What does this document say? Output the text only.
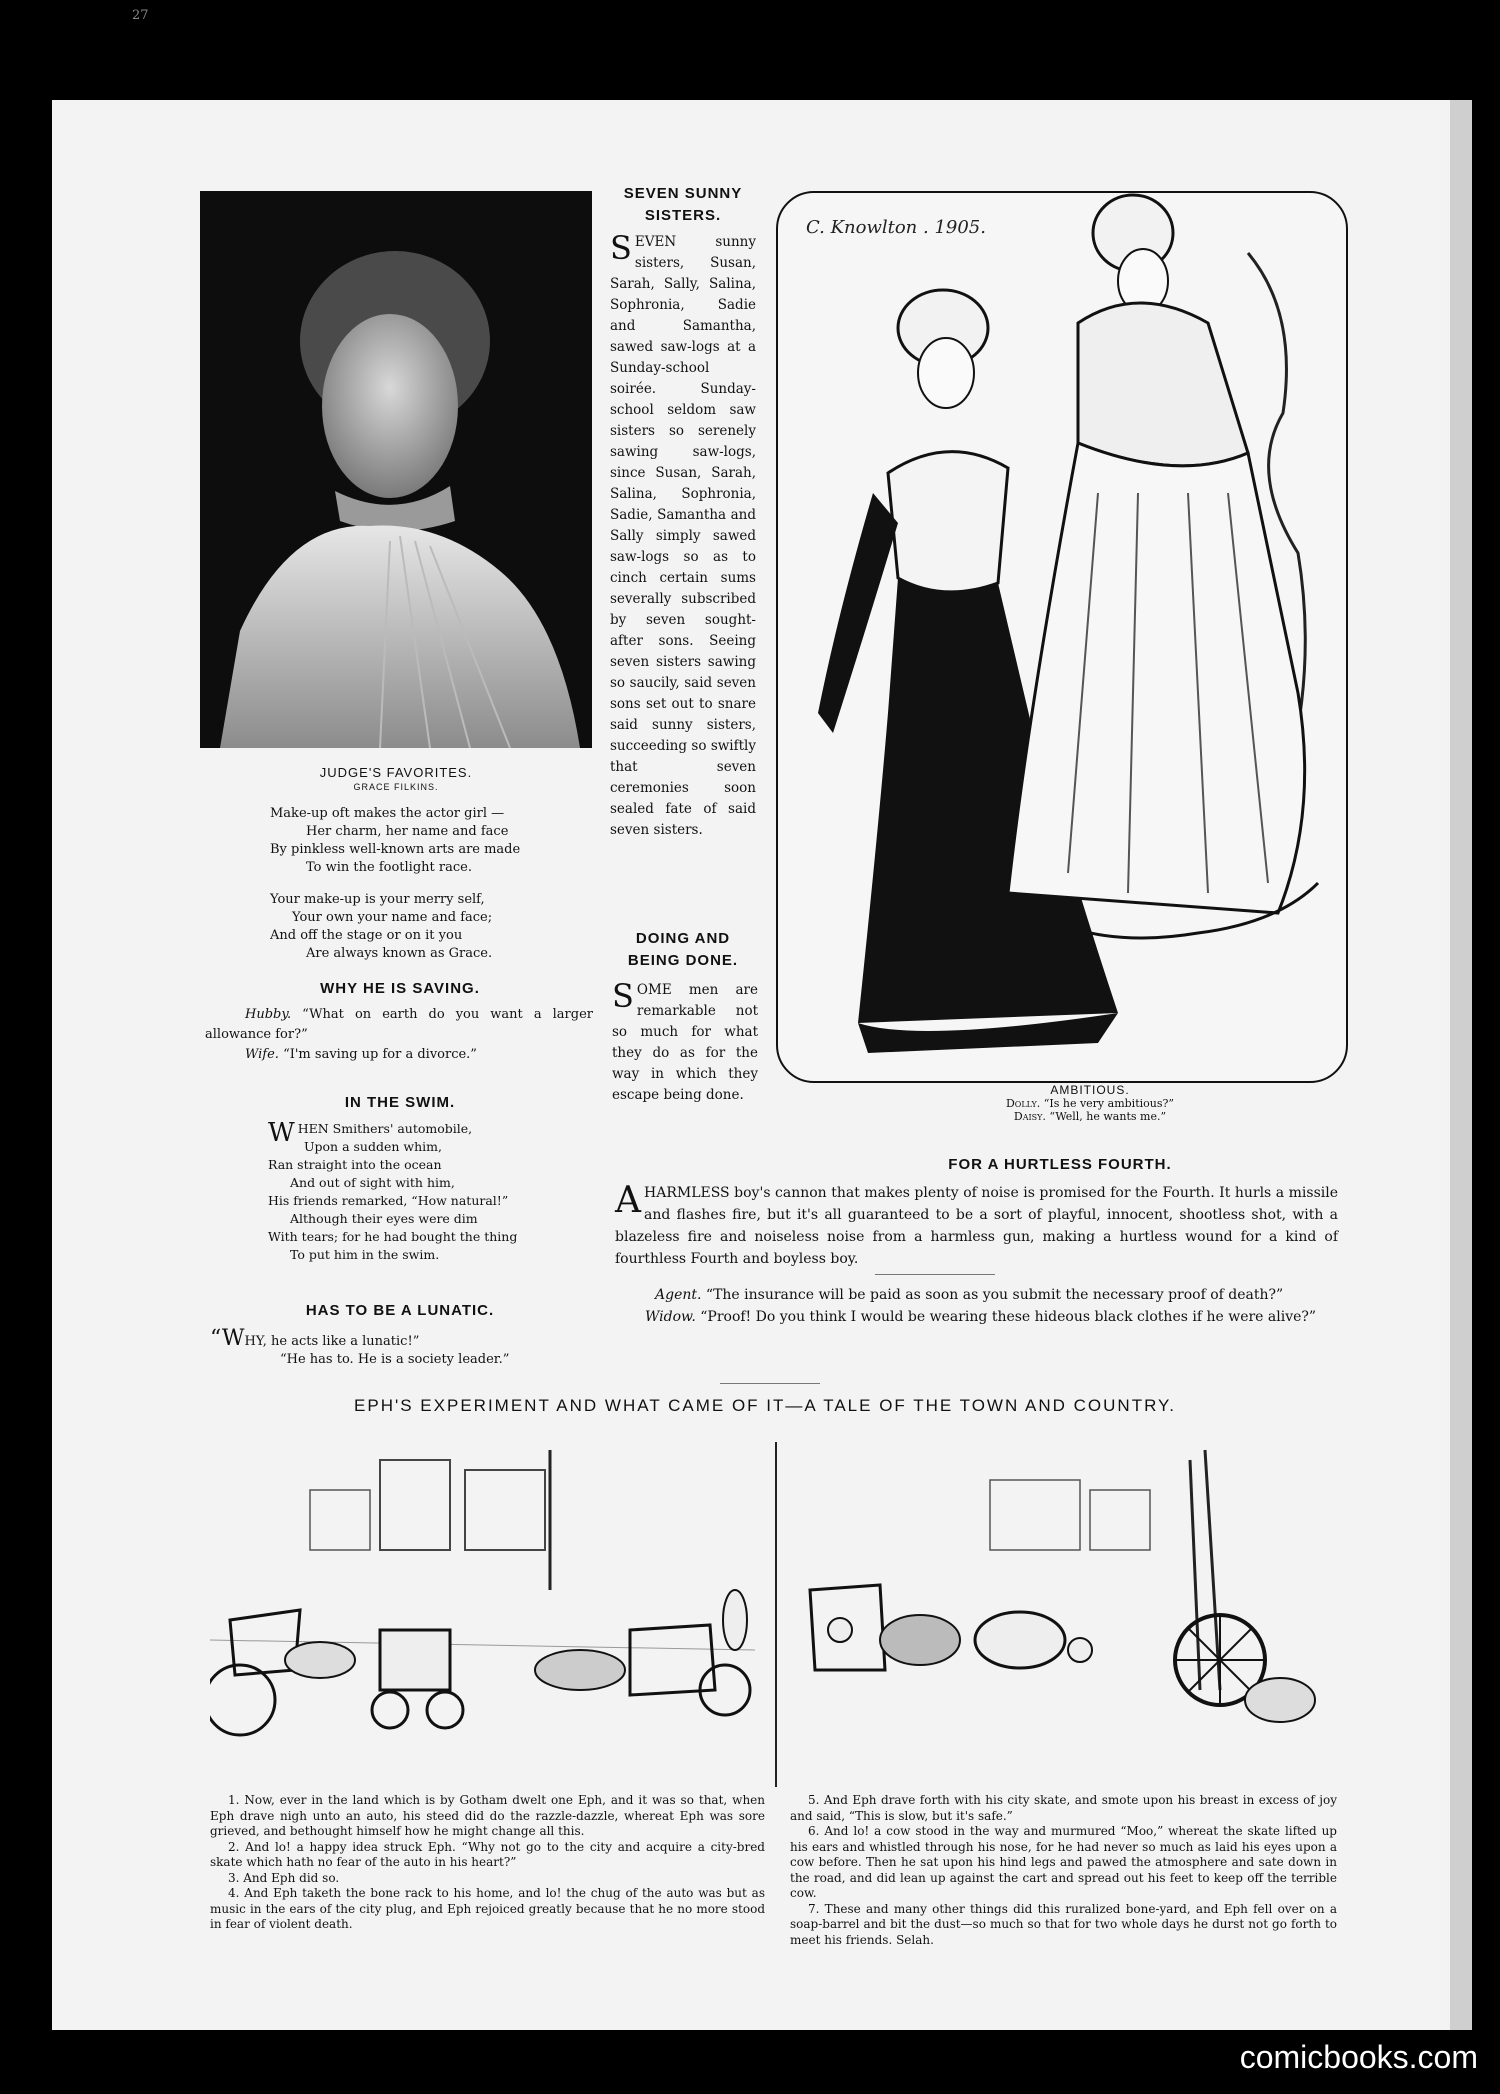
27
JUDGE'S FAVORITES.
GRACE FILKINS.
Make-up oft makes the actor girl —
Her charm, her name and face
By pinkless well-known arts are made
To win the footlight race.
Your make-up is your merry self,
Your own your name and face;
And off the stage or on it you
Are always known as Grace.
WHY HE IS SAVING.
Hubby. “What on earth do you want a larger allowance for?”
Wife. “I'm saving up for a divorce.”
IN THE SWIM.
W HEN Smithers' automobile,
Upon a sudden whim,
Ran straight into the ocean
And out of sight with him,
His friends remarked, “How natural!”
Although their eyes were dim
With tears; for he had bought the thing
To put him in the swim.
HAS TO BE A LUNATIC.
“WHY, he acts like a lunatic!”
“He has to. He is a society leader.”
SEVEN SUNNY SISTERS.
SEVEN sunny sisters, Susan, Sarah, Sally, Salina, Sophronia, Sadie and Samantha, sawed saw-logs at a Sunday-school soirée. Sunday-school seldom saw sisters so serenely sawing saw-logs, since Susan, Sarah, Salina, Sophronia, Sadie, Samantha and Sally simply sawed saw-logs so as to cinch certain sums severally subscribed by seven sought-after sons. Seeing seven sisters sawing so saucily, said seven sons set out to snare said sunny sisters, succeeding so swiftly that seven ceremonies soon sealed fate of said seven sisters.
DOING AND BEING DONE.
SOME men are remarkable not so much for what they do as for the way in which they escape being done.
C. Knowlton . 1905.
AMBITIOUS.
Dolly. “Is he very ambitious?”
Daisy. “Well, he wants me.”
FOR A HURTLESS FOURTH.
AHARMLESS boy's cannon that makes plenty of noise is promised for the Fourth. It hurls a missile and flashes fire, but it's all guaranteed to be a sort of playful, innocent, shootless shot, with a blazeless fire and noiseless noise from a harmless gun, making a hurtless wound for a kind of fourthless Fourth and boyless boy.
Agent. “The insurance will be paid as soon as you submit the necessary proof of death?”
Widow. “Proof! Do you think I would be wearing these hideous black clothes if he were alive?”
EPH'S EXPERIMENT AND WHAT CAME OF IT—A TALE OF THE TOWN AND COUNTRY.

1. Now, ever in the land which is by Gotham dwelt one Eph, and it was so that, when Eph drave nigh unto an auto, his steed did do the razzle-dazzle, whereat Eph was sore grieved, and bethought himself how he might change all this.

2. And lo! a happy idea struck Eph. “Why not go to the city and acquire a city-bred skate which hath no fear of the auto in his heart?”

3. And Eph did so.

4. And Eph taketh the bone rack to his home, and lo! the chug of the auto was but as music in the ears of the city plug, and Eph rejoiced greatly because that he no more stood in fear of violent death.

5. And Eph drave forth with his city skate, and smote upon his breast in excess of joy and said, “This is slow, but it's safe.”

6. And lo! a cow stood in the way and murmured “Moo,” whereat the skate lifted up his ears and whistled through his nose, for he had never so much as laid his eyes upon a cow before. Then he sat upon his hind legs and pawed the atmosphere and sate down in the road, and did lean up against the cart and spread out his feet to keep off the terrible cow.

7. These and many other things did this ruralized bone-yard, and Eph fell over on a soap-barrel and bit the dust—so much so that for two whole days he durst not go forth to meet his friends. Selah.

comicbooks.com
